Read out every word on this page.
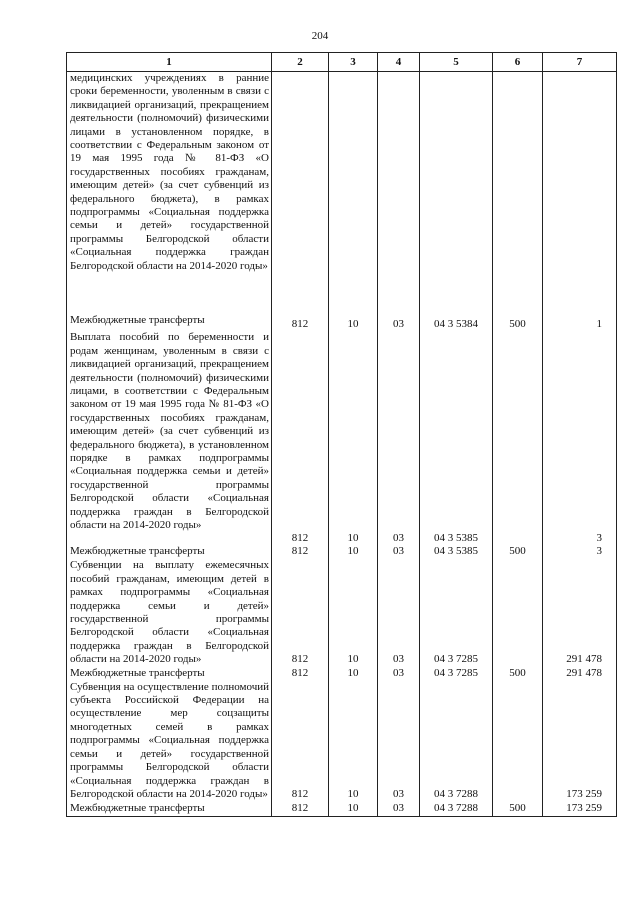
204
1	2	3	4	5	6	7

медицинских учреждениях в ранние сроки беременности, уволенным в связи с ликвидацией организаций, прекращением деятельности (полномочий) физическими лицами в установленном порядке, в соответствии с Федеральным законом от 19 мая 1995 года № 81-ФЗ «О государственных пособиях гражданам, имеющим детей» (за счет субвенций из федерального бюджета), в рамках подпрограммы «Социальная поддержка семьи и детей» государственной программы Белгородской области «Социальная поддержка граждан Белгородской области на 2014-2020 годы»						

Межбюджетные трансферты	812	10	03	04 3 5384	500	1

Выплата пособий по беременности и родам женщинам, уволенным в связи с ликвидацией организаций, прекращением деятельности (полномочий) физическими лицами, в соответствии с Федеральным законом от 19 мая 1995 года № 81-ФЗ «О государственных пособиях гражданам, имеющим детей» (за счет субвенций из федерального бюджета), в установленном порядке в рамках подпрограммы «Социальная поддержка семьи и детей» государственной программы Белгородской области «Социальная поддержка граждан в Белгородской области на 2014-2020 годы»	812	10	03	04 3 5385		3
Межбюджетные трансферты	812	10	03	04 3 5385	500	3
Субвенции на выплату ежемесячных пособий гражданам, имеющим детей в рамках подпрограммы «Социальная поддержка семьи и детей» государственной программы Белгородской области «Социальная поддержка граждан в Белгородской области на 2014-2020 годы»	812	10	03	04 3 7285		291 478
Межбюджетные трансферты	812	10	03	04 3 7285	500	291 478
Субвенция на осуществление полномочий субъекта Российской Федерации на осуществление мер соцзащиты многодетных семей в рамках подпрограммы «Социальная поддержка семьи и детей» государственной программы Белгородской области «Социальная поддержка граждан в Белгородской области на 2014-2020 годы»	812	10	03	04 3 7288		173 259
Межбюджетные трансферты	812	10	03	04 3 7288	500	173 259
